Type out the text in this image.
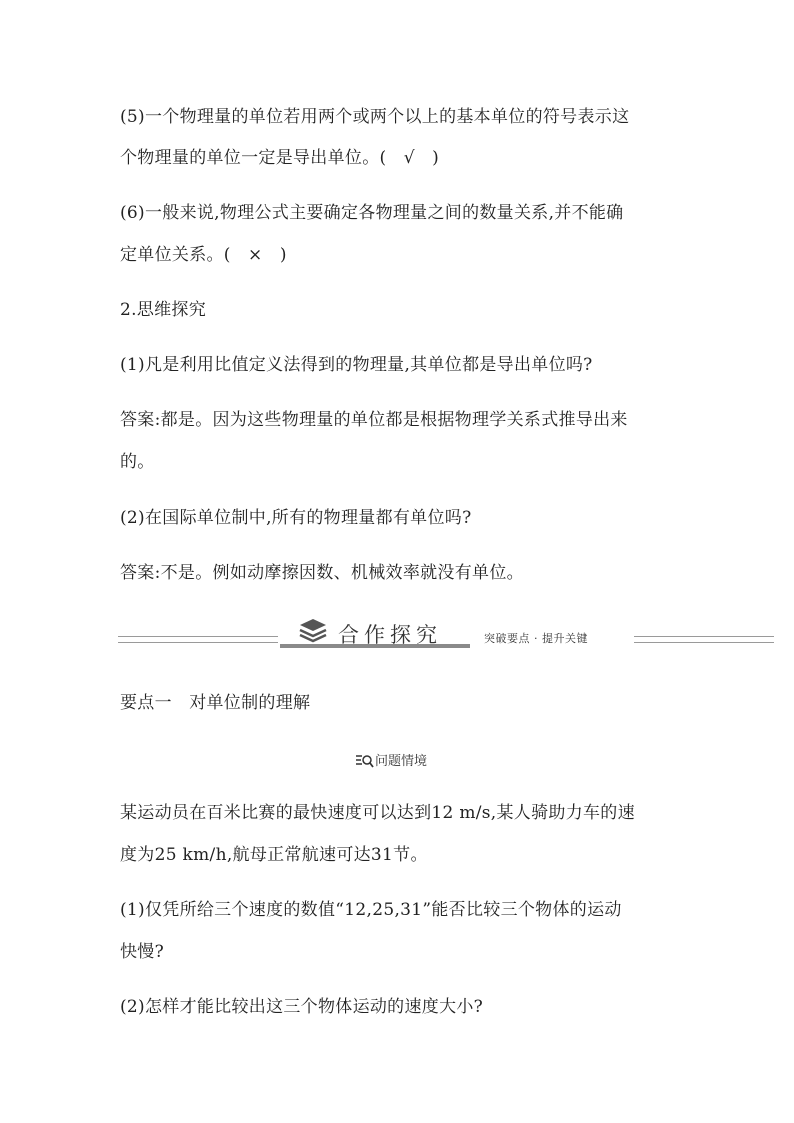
(5)一个物理量的单位若用两个或两个以上的基本单位的符号表示这
个物理量的单位一定是导出单位。(　√　)
(6)一般来说,物理公式主要确定各物理量之间的数量关系,并不能确
定单位关系。(　×　)
2.思维探究
(1)凡是利用比值定义法得到的物理量,其单位都是导出单位吗?
答案:都是。因为这些物理量的单位都是根据物理学关系式推导出来
的。
(2)在国际单位制中,所有的物理量都有单位吗?
答案:不是。例如动摩擦因数、机械效率就没有单位。
合作探究	突破要点 · 提升关键
要点一　对单位制的理解
问题情境
某运动员在百米比赛的最快速度可以达到12 m/s,某人骑助力车的速
度为25 km/h,航母正常航速可达31节。
(1)仅凭所给三个速度的数值“12,25,31”能否比较三个物体的运动
快慢?
(2)怎样才能比较出这三个物体运动的速度大小?
